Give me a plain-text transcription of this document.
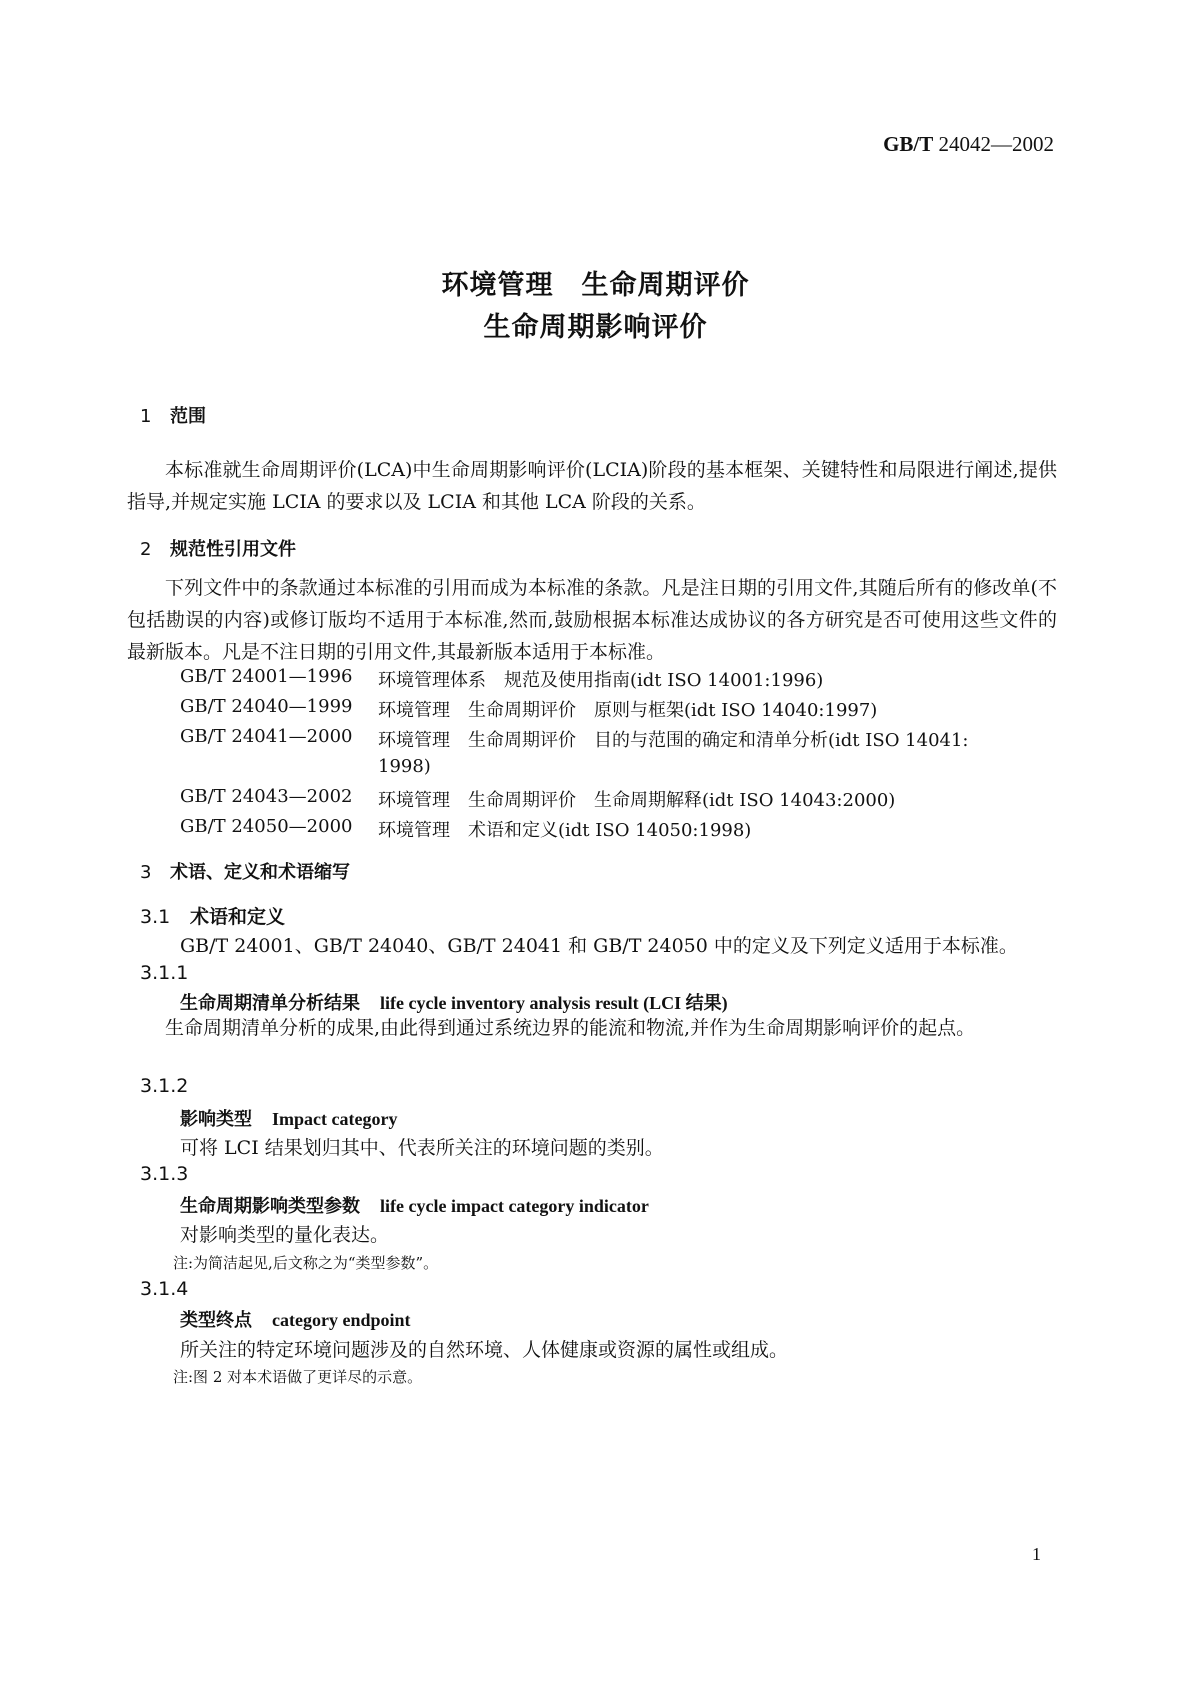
GB/T 24042—2002
环境管理　生命周期评价
生命周期影响评价
1 范围
本标准就生命周期评价(LCA)中生命周期影响评价(LCIA)阶段的基本框架、关键特性和局限进行阐述,提供指导,并规定实施 LCIA 的要求以及 LCIA 和其他 LCA 阶段的关系。
2 规范性引用文件
下列文件中的条款通过本标准的引用而成为本标准的条款。凡是注日期的引用文件,其随后所有的修改单(不包括勘误的内容)或修订版均不适用于本标准,然而,鼓励根据本标准达成协议的各方研究是否可使用这些文件的最新版本。凡是不注日期的引用文件,其最新版本适用于本标准。
GB/T 24001—1996 环境管理体系　规范及使用指南(idt ISO 14001:1996)
GB/T 24040—1999 环境管理　生命周期评价　原则与框架(idt ISO 14040:1997)
GB/T 24041—2000 环境管理　生命周期评价　目的与范围的确定和清单分析(idt ISO 14041:
1998)
GB/T 24043—2002 环境管理　生命周期评价　生命周期解释(idt ISO 14043:2000)
GB/T 24050—2000 环境管理　术语和定义(idt ISO 14050:1998)
3 术语、定义和术语缩写
3.1 术语和定义
GB/T 24001、GB/T 24040、GB/T 24041 和 GB/T 24050 中的定义及下列定义适用于本标准。
3.1.1
生命周期清单分析结果 life cycle inventory analysis result (LCI 结果)
生命周期清单分析的成果,由此得到通过系统边界的能流和物流,并作为生命周期影响评价的起点。
3.1.2
影响类型 Impact category
可将 LCI 结果划归其中、代表所关注的环境问题的类别。
3.1.3
生命周期影响类型参数 life cycle impact category indicator
对影响类型的量化表达。
注:为简洁起见,后文称之为“类型参数”。
3.1.4
类型终点 category endpoint
所关注的特定环境问题涉及的自然环境、人体健康或资源的属性或组成。
注:图 2 对本术语做了更详尽的示意。
1
